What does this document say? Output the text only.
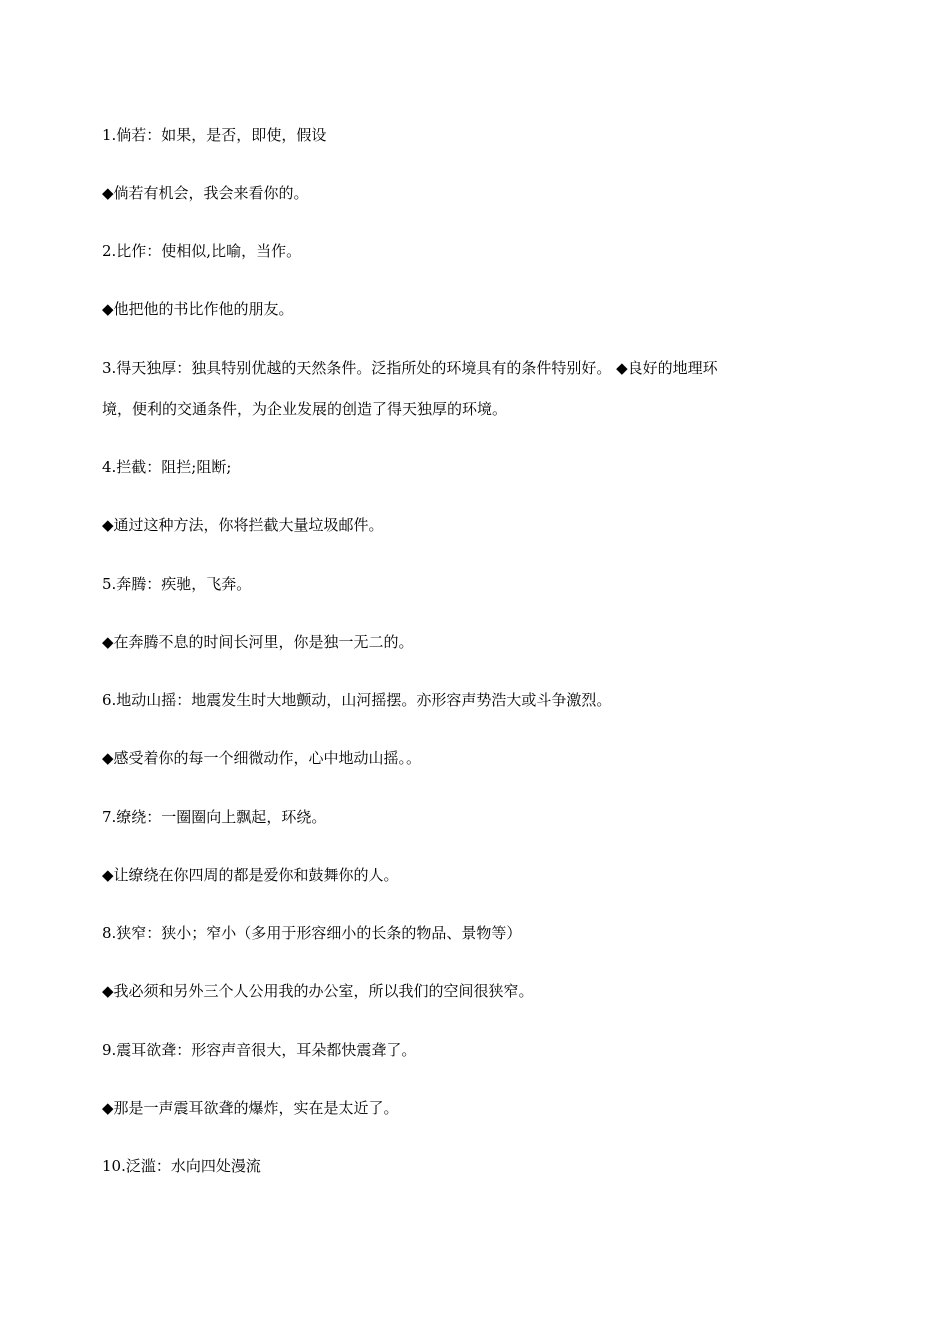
1.倘若：如果，是否，即使，假设

◆倘若有机会，我会来看你的。

2.比作：使相似,比喻，当作。

◆他把他的书比作他的朋友。

3.得天独厚：独具特别优越的天然条件。泛指所处的环境具有的条件特别好。 ◆良好的地理环

境，便利的交通条件，为企业发展的创造了得天独厚的环境。

4.拦截：阻拦;阻断;

◆通过这种方法，你将拦截大量垃圾邮件。

5.奔腾：疾驰，飞奔。

◆在奔腾不息的时间长河里，你是独一无二的。

6.地动山摇：地震发生时大地颤动，山河摇摆。亦形容声势浩大或斗争激烈。

◆感受着你的每一个细微动作，心中地动山摇。。

7.缭绕：一圈圈向上飘起，环绕。

◆让缭绕在你四周的都是爱你和鼓舞你的人。

8.狭窄：狭小；窄小（多用于形容细小的长条的物品、景物等）

◆我必须和另外三个人公用我的办公室，所以我们的空间很狭窄。

9.震耳欲聋：形容声音很大，耳朵都快震聋了。

◆那是一声震耳欲聋的爆炸，实在是太近了。

10.泛滥：水向四处漫流
